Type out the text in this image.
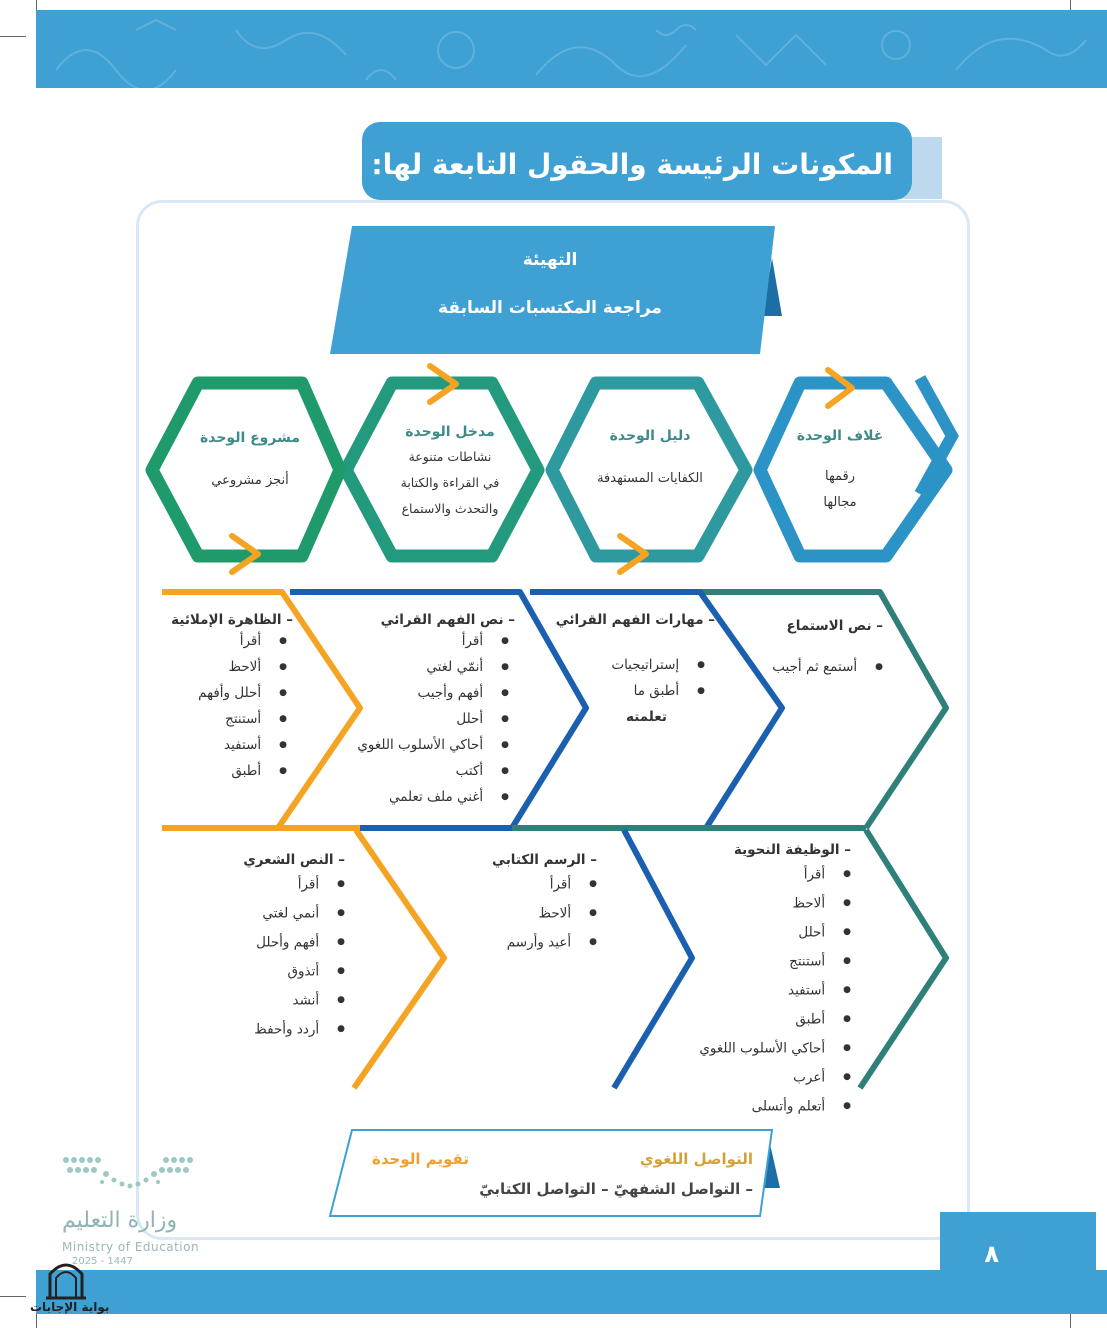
المكونات الرئيسة والحقول التابعة لها:
التهيئة
مراجعة المكتسبات السابقة
غلاف الوحدة
رقمها
مجالها
دليل الوحدة
الكفايات المستهدفة
مدخل الوحدة
نشاطات متنوعة
في القراءة والكتابة
والتحدث والاستماع
مشروع الوحدة
أنجز مشروعي
– نص الاستماع
● أستمع ثم أجيب
– مهارات الفهم القرائي
● إستراتيجيات
● أطبق ما
تعلمته
– نص الفهم القرائي
● أقرأ
● أنمّي لغتي
● أفهم وأجيب
● أحلل
● أحاكي الأسلوب اللغوي
● أكتب
● أغني ملف تعلمي
– الظاهرة الإملائية
● أقرأ
● ألاحظ
● أحلل وأفهم
● أستنتج
● أستفيد
● أطبق
– الوظيفة النحوية
● أقرأ
● ألاحظ
● أحلل
● أستنتج
● أستفيد
● أطبق
● أحاكي الأسلوب اللغوي
● أعرب
● أتعلم وأتسلى
– الرسم الكتابي
● أقرأ
● ألاحظ
● أعيد وأرسم
– النص الشعري
● أقرأ
● أنمي لغتي
● أفهم وأحلل
● أتذوق
● أنشد
● أردد وأحفظ
التواصل اللغوي
تقويم الوحدة
– التواصل الشفهيّ – التواصل الكتابيّ
٨
وزارة التعليم
Ministry of Education
2025 - 1447
بوابة الإجابات
